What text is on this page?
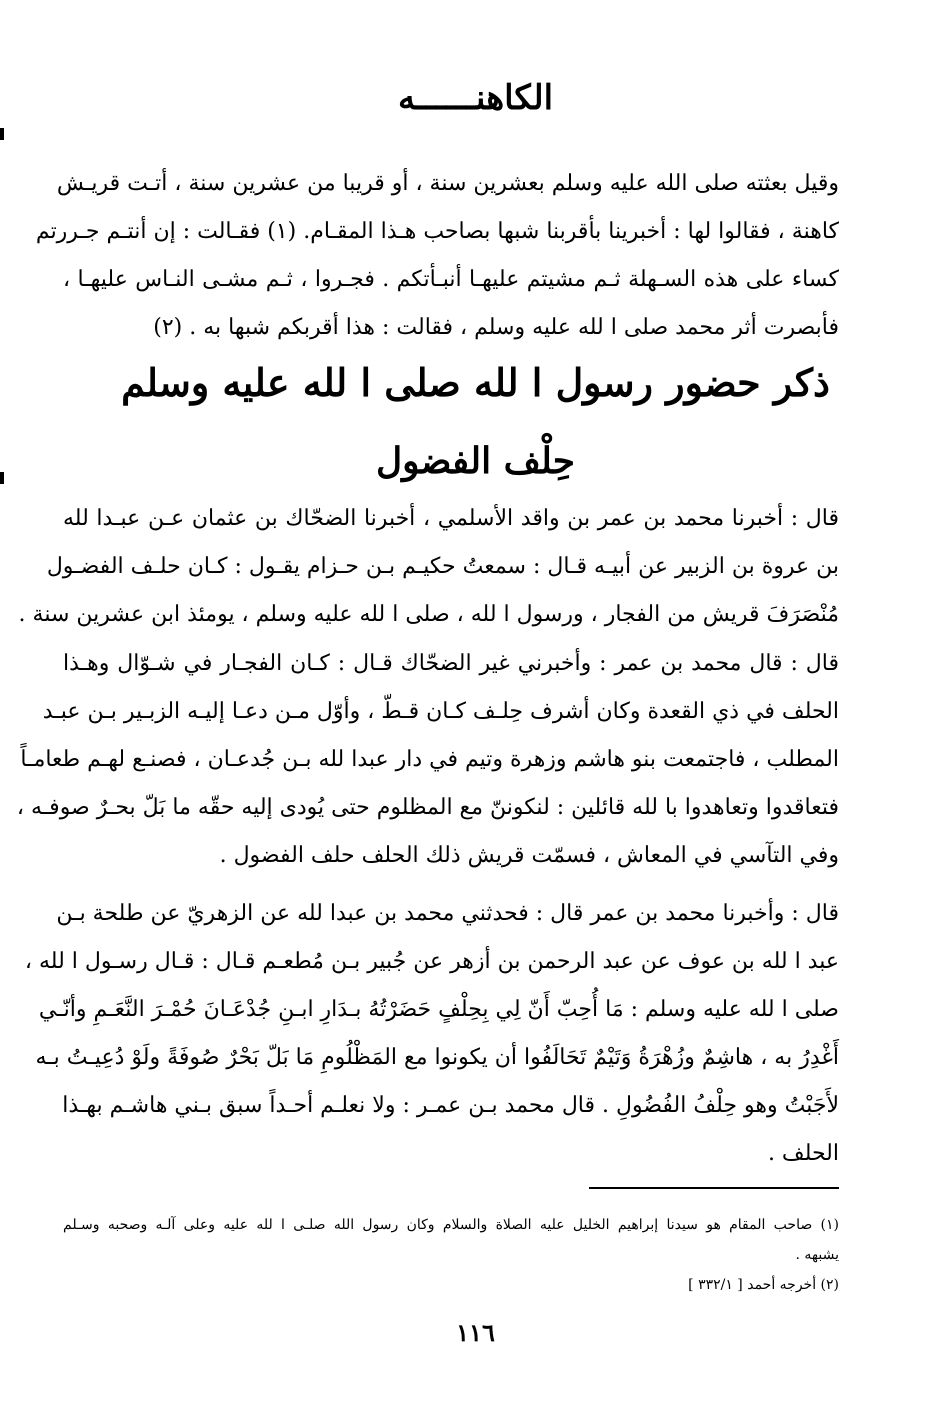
الكاهنــــــه
وقيل بعثته صلى الله عليه وسلم بعشرين سنة ، أو قريبا من عشرين سنة ، أتـت قريـش
كاهنة ، فقالوا لها : أخبرينا بأقربنا شبها بصاحب هـذا المقـام. (١) فقـالت : إن أنتـم جـررتم
كساء على هذه السـهلة ثـم مشيتم عليهـا أنبـأتكم . فجـروا ، ثـم مشـى النـاس عليهـا ،
فأبصرت أثر محمد صلى ا لله عليه وسلم ، فقالت : هذا أقربكم شبها به . (٢)
ذكر حضور رسول ا لله صلى ا لله عليه وسلم
حِلْف الفضول
قال : أخبرنا محمد بن عمر بن واقد الأسلمي ، أخبرنا الضحّاك بن عثمان عـن عبـدا لله
بن عروة بن الزبير عن أبيـه قـال : سمعتُ حكيـم بـن حـزام يقـول : كـان حلـف الفضـول
مُنْصَرَفَ قريش من الفجار ، ورسول ا لله ، صلى ا لله عليه وسلم ، يومئذ ابن عشرين سنة .
قال : قال محمد بن عمر : وأخبرني غير الضحّاك قـال : كـان الفجـار في شـوّال وهـذا
الحلف في ذي القعدة وكان أشرف حِلـف كـان قـطّ ، وأوّل مـن دعـا إليـه الزبـير بـن عبـد
المطلب ، فاجتمعت بنو هاشم وزهرة وتيم في دار عبدا لله بـن جُدعـان ، فصنـع لهـم طعامـاً
فتعاقدوا وتعاهدوا با لله قائلين : لنكوننّ مع المظلوم حتى يُودى إليه حقّه ما بَلّ بحـرٌ صوفـه ،
وفي التآسي في المعاش ، فسمّت قريش ذلك الحلف حلف الفضول .
قال : وأخبرنا محمد بن عمر قال : فحدثني محمد بن عبدا لله عن الزهريّ عن طلحة بـن
عبد ا لله بن عوف عن عبد الرحمن بن أزهر عن جُبير بـن مُطعـم قـال : قـال رسـول ا لله ،
صلى ا لله عليه وسلم : مَا أُحِبّ أَنّ لِي بِحِلْفٍ حَضَرْتُهُ بـدَارِ ابـنِ جُدْعَـانَ حُمْـرَ النَّعَـمِ وأنّـي
أَغْدِرُ به ، هاشِمٌ وزُهْرَةُ وَتَيْمٌ تَحَالَفُوا أن يكونوا مع المَظْلُومِ مَا بَلّ بَحْرٌ صُوفَةً ولَوْ دُعِيـتُ بـه
لأَجَبْتُ وهو حِلْفُ الفُضُولِ . قال محمد بـن عمـر : ولا نعلـم أحـداً سبق بـني هاشـم بهـذا
الحلف .
(١) صاحب المقام هو سيدنا إبراهيم الخليل عليه الصلاة والسلام وكان رسول الله صلـى ا لله عليه وعلى آلـه وصحبه وسـلم
يشبهه .
(٢) أخرجه أحمد [ ٣٣٢/١ ]
١١٦
